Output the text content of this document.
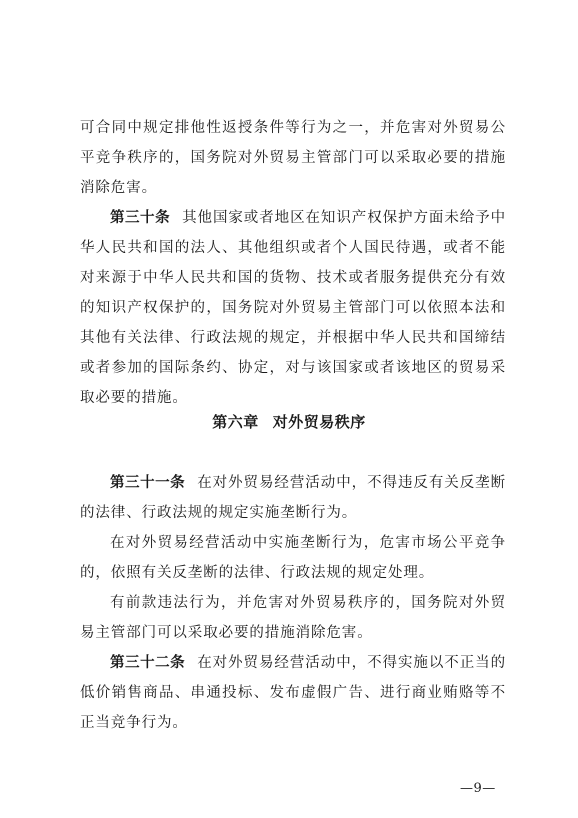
可合同中规定排他性返授条件等行为之一，并危害对外贸易公平竞争秩序的，国务院对外贸易主管部门可以采取必要的措施消除危害。

第三十条 其他国家或者地区在知识产权保护方面未给予中华人民共和国的法人、其他组织或者个人国民待遇，或者不能对来源于中华人民共和国的货物、技术或者服务提供充分有效的知识产权保护的，国务院对外贸易主管部门可以依照本法和其他有关法律、行政法规的规定，并根据中华人民共和国缔结或者参加的国际条约、协定，对与该国家或者该地区的贸易采取必要的措施。

第六章 对外贸易秩序

第三十一条 在对外贸易经营活动中，不得违反有关反垄断的法律、行政法规的规定实施垄断行为。

在对外贸易经营活动中实施垄断行为，危害市场公平竞争的，依照有关反垄断的法律、行政法规的规定处理。

有前款违法行为，并危害对外贸易秩序的，国务院对外贸易主管部门可以采取必要的措施消除危害。

第三十二条 在对外贸易经营活动中，不得实施以不正当的低价销售商品、串通投标、发布虚假广告、进行商业贿赂等不正当竞争行为。

—9—
